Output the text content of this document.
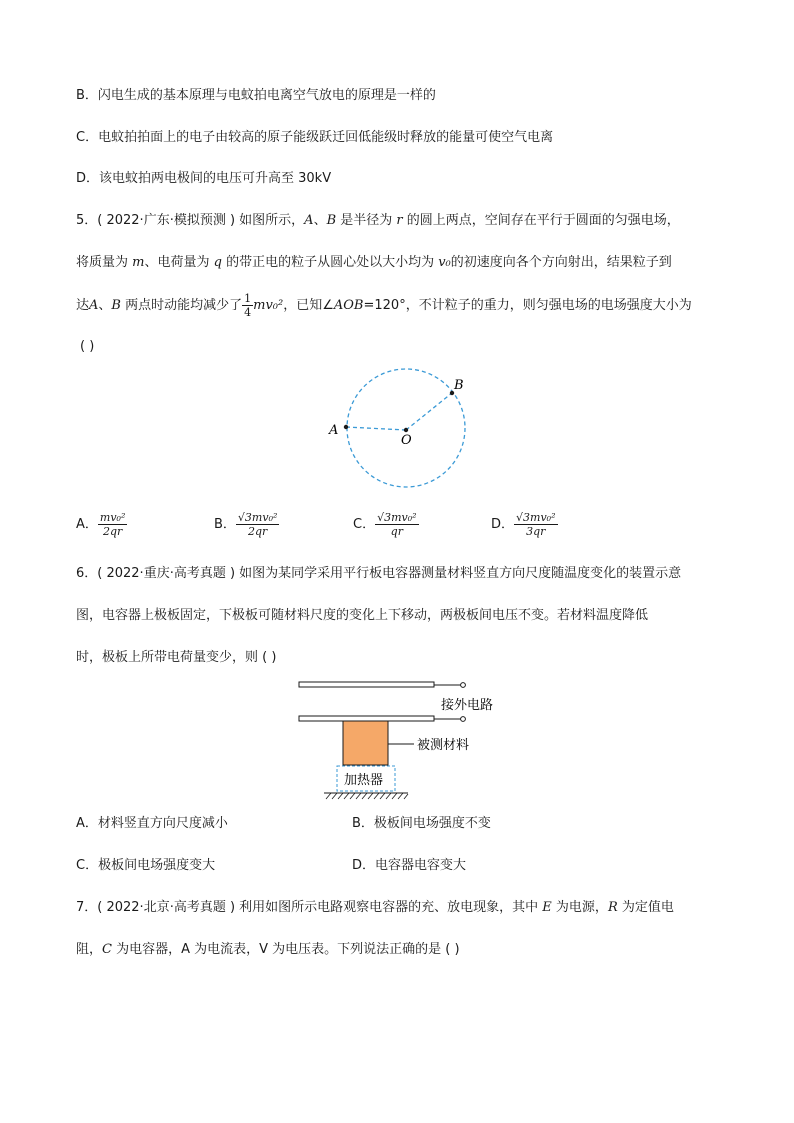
B．闪电生成的基本原理与电蚊拍电离空气放电的原理是一样的
C．电蚊拍拍面上的电子由较高的原子能级跃迁回低能级时释放的能量可使空气电离
D．该电蚊拍两电极间的电压可升高至 30kV
5．( 2022·广东·模拟预测 ) 如图所示，A、B 是半径为 r 的圆上两点，空间存在平行于圆面的匀强电场，
将质量为 m、电荷量为 q 的带正电的粒子从圆心处以大小均为 v₀的初速度向各个方向射出，结果粒子到
达A、B 两点时动能均减少了 $\frac{1}{4} mv_0^2$，已知∠AOB=120°，不计粒子的重力，则匀强电场的电场强度大小为
( )
A
O
B
A． $\frac{\text{mv₀²}}{2qr}$	B． $\frac{\text{√3mv₀²}}{2qr}$	C． $\frac{\text{√3mv₀²}}{qr}$	D． $\frac{\text{√3mv₀²}}{3qr}$
6．( 2022·重庆·高考真题 ) 如图为某同学采用平行板电容器测量材料竖直方向尺度随温度变化的装置示意
图，电容器上极板固定，下极板可随材料尺度的变化上下移动，两极板间电压不变。若材料温度降低
时，极板上所带电荷量变少，则 ( )
接外电路
被测材料
加热器
A．材料竖直方向尺度减小	B．极板间电场强度不变
C．极板间电场强度变大	D．电容器电容变大
7．( 2022·北京·高考真题 ) 利用如图所示电路观察电容器的充、放电现象，其中 E 为电源，R 为定值电
阻，C 为电容器，A 为电流表，V 为电压表。下列说法正确的是 ( )
